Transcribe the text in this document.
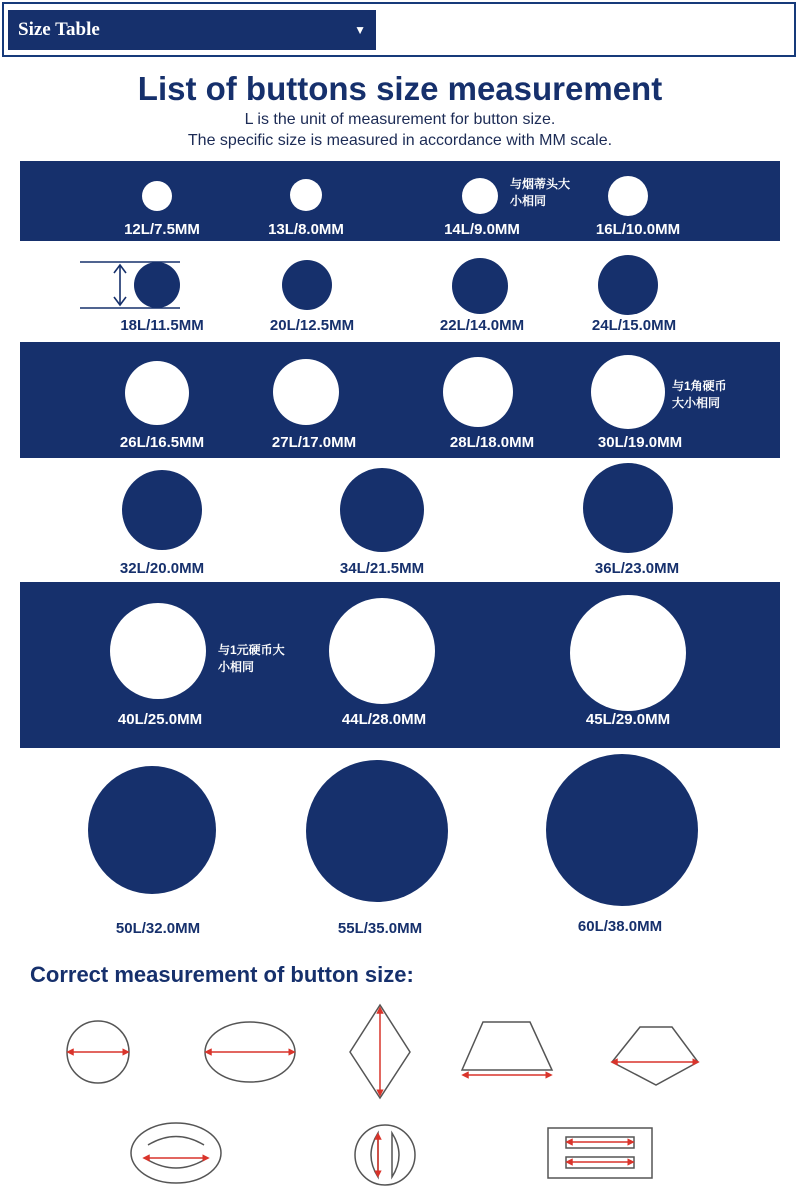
Size Table	▼
List of buttons size measurement
L is the unit of measurement for button size.
The specific size is measured in accordance with MM scale.
12L/7.5MM	13L/8.0MM	14L/9.0MM	16L/10.0MM
与烟蒂头大
小相同
18L/11.5MM	20L/12.5MM	22L/14.0MM	24L/15.0MM
26L/16.5MM	27L/17.0MM	28L/18.0MM	30L/19.0MM
与1角硬币
大小相同
32L/20.0MM	34L/21.5MM	36L/23.0MM
40L/25.0MM	44L/28.0MM	45L/29.0MM
与1元硬币大
小相同
50L/32.0MM	55L/35.0MM	60L/38.0MM
Correct measurement of button size:
